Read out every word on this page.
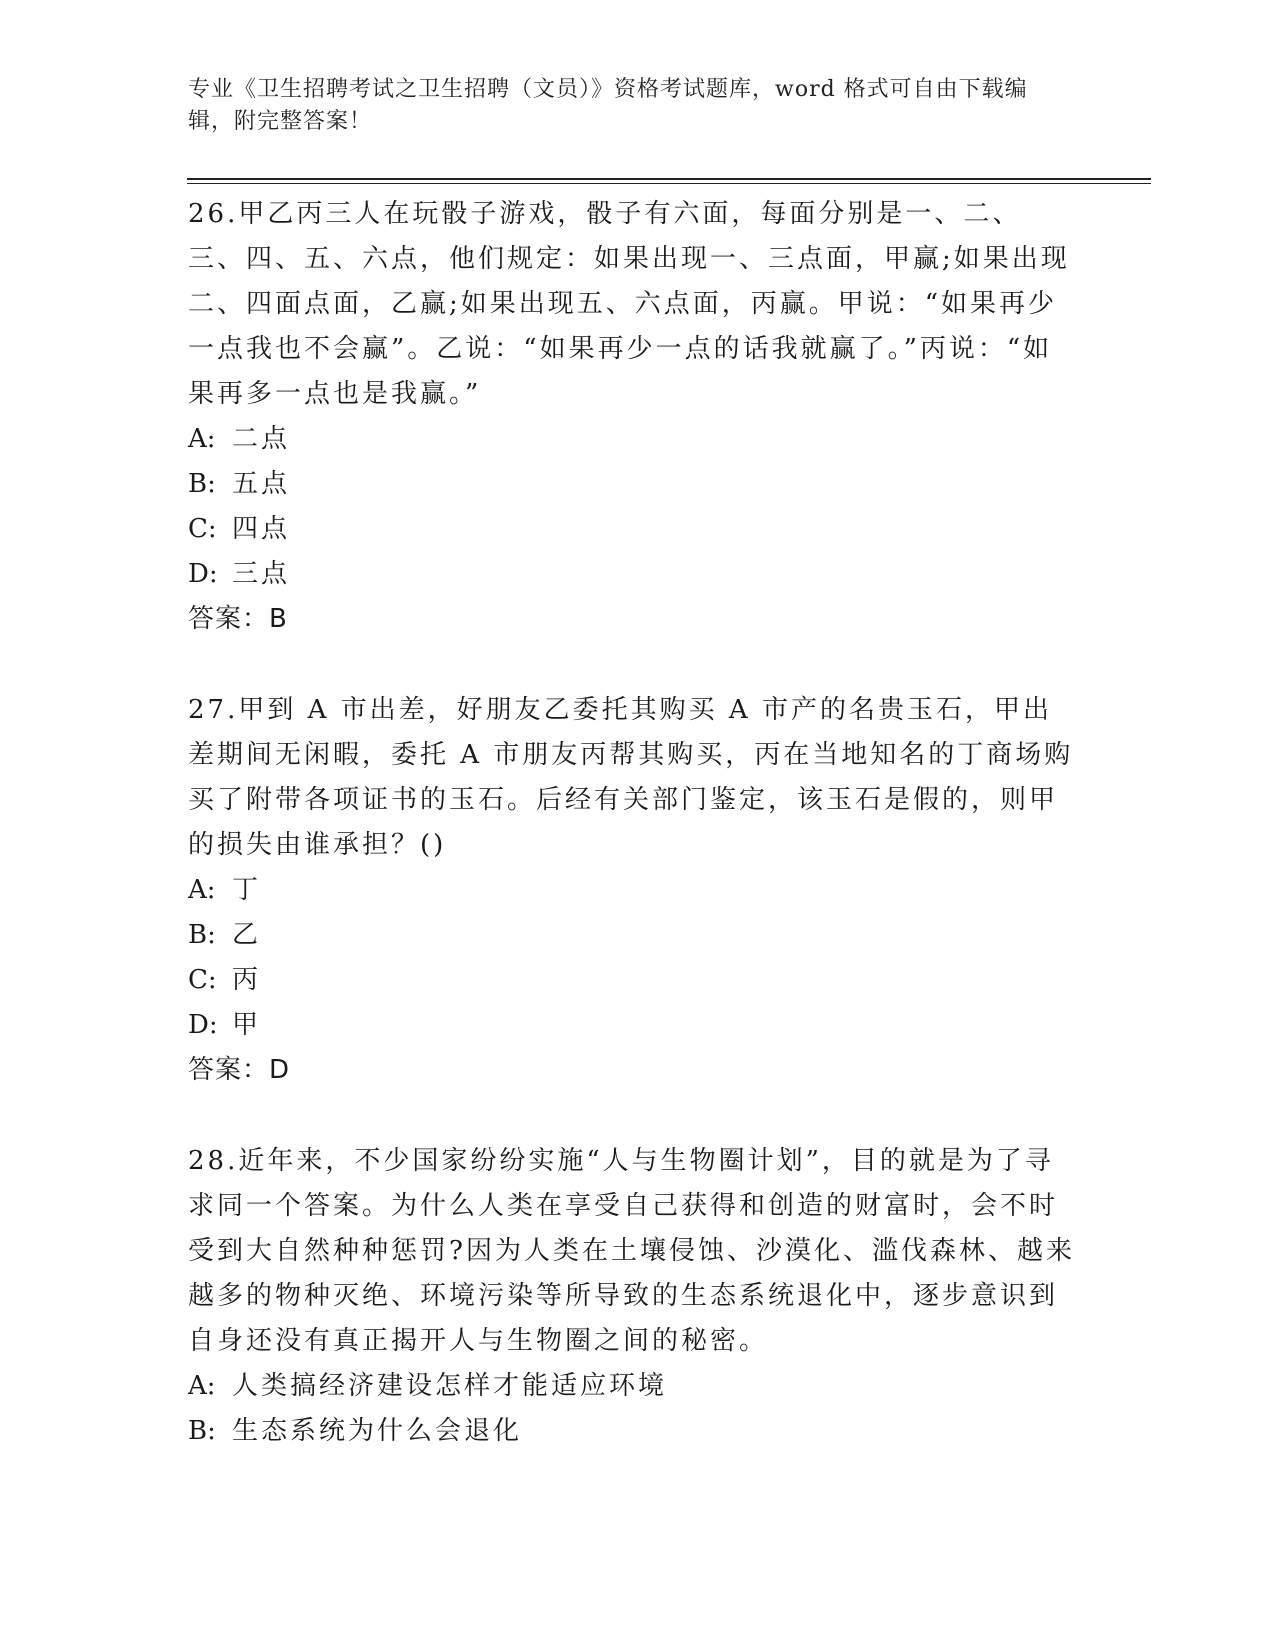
专业《卫生招聘考试之卫生招聘（文员）》资格考试题库，word 格式可自由下载编辑，附完整答案！

26.甲乙丙三人在玩骰子游戏，骰子有六面，每面分别是一、二、三、四、五、六点，他们规定：如果出现一、三点面，甲赢;如果出现二、四面点面，乙赢;如果出现五、六点面，丙赢。甲说：“如果再少一点我也不会赢”。乙说：“如果再少一点的话我就赢了。”丙说：“如果再多一点也是我赢。”

A: 二点

B: 五点

C: 四点

D: 三点

答案：B

27.甲到 A 市出差，好朋友乙委托其购买 A 市产的名贵玉石，甲出差期间无闲暇，委托 A 市朋友丙帮其购买，丙在当地知名的丁商场购买了附带各项证书的玉石。后经有关部门鉴定，该玉石是假的，则甲的损失由谁承担？()

A: 丁

B: 乙

C: 丙

D: 甲

答案：D

28.近年来，不少国家纷纷实施“人与生物圈计划”，目的就是为了寻求同一个答案。为什么人类在享受自己获得和创造的财富时，会不时受到大自然种种惩罚?因为人类在土壤侵蚀、沙漠化、滥伐森林、越来越多的物种灭绝、环境污染等所导致的生态系统退化中，逐步意识到自身还没有真正揭开人与生物圈之间的秘密。

A: 人类搞经济建设怎样才能适应环境

B: 生态系统为什么会退化
